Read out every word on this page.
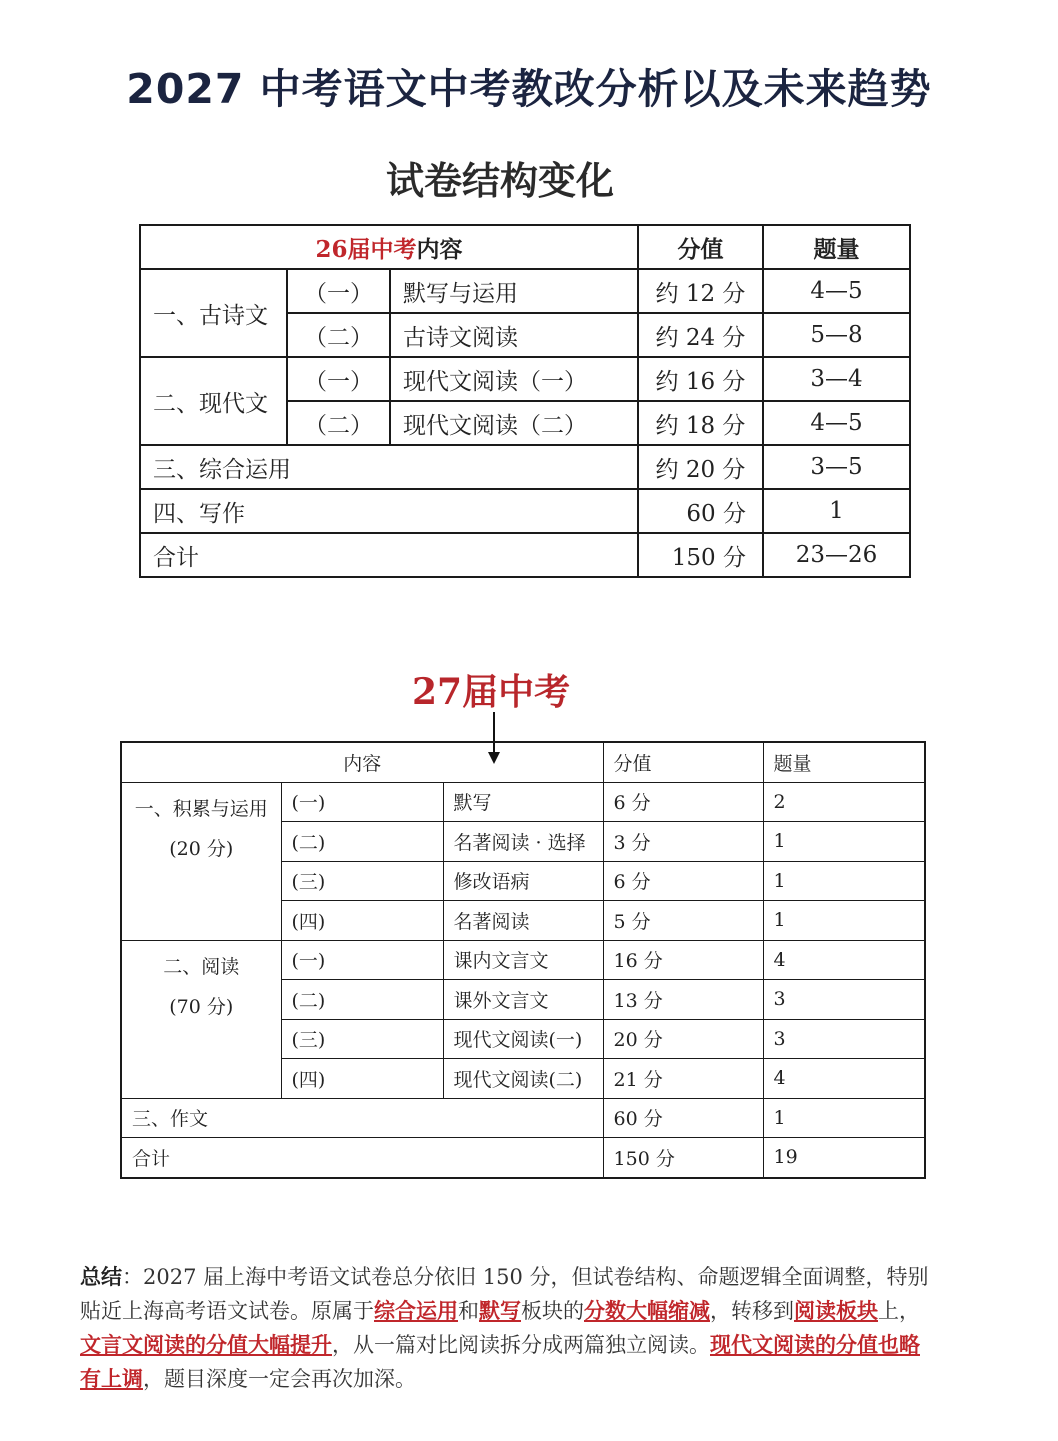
2027 中考语文中考教改分析以及未来趋势
试卷结构变化
26届中考内容			分值	题量
一、古诗文	（一）	默写与运用	约 12 分	4—5
	（二）	古诗文阅读	约 24 分	5—8
二、现代文	（一）	现代文阅读（一）	约 16 分	3—4
	（二）	现代文阅读（二）	约 18 分	4—5
三、综合运用			约 20 分	3—5
四、写作			60 分	1
合计			150 分	23—26
27届中考
内容			分值	题量

一、积累与运用
(20 分)	(一)	默写	6 分	2
	(二)	名著阅读 · 选择	3 分	1
	(三)	修改语病	6 分	1
	(四)	名著阅读	5 分	1

二、阅读
(70 分)	(一)	课内文言文	16 分	4
	(二)	课外文言文	13 分	3
	(三)	现代文阅读(一)	20 分	3
	(四)	现代文阅读(二)	21 分	4
三、作文			60 分	1
合计			150 分	19
总结：2027 届上海中考语文试卷总分依旧 150 分，但试卷结构、命题逻辑全面调整，特别贴近上海高考语文试卷。原属于综合运用和默写板块的分数大幅缩减，转移到阅读板块上，文言文阅读的分值大幅提升，从一篇对比阅读拆分成两篇独立阅读。现代文阅读的分值也略有上调，题目深度一定会再次加深。
